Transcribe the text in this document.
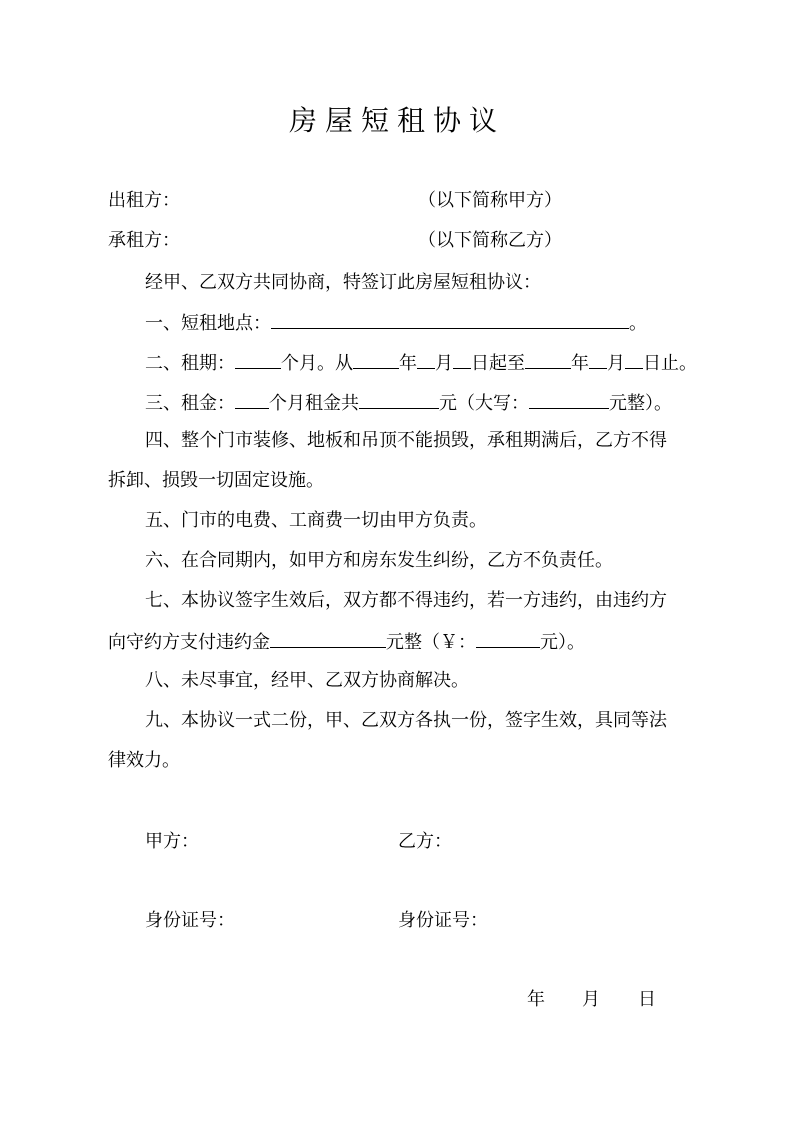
房屋短租协议
出租方：	（以下简称甲方）
承租方：	（以下简称乙方）
经甲、乙双方共同协商，特签订此房屋短租协议：
一、短租地点：	。
二、租期：	个月。从	年 月 日起至	年 月 日止。
三、租金： 个月租金共	元（大写：	元整）。
四、整个门市装修、地板和吊顶不能损毁，承租期满后，乙方不得
拆卸、损毁一切固定设施。
五、门市的电费、工商费一切由甲方负责。
六、在合同期内，如甲方和房东发生纠纷，乙方不负责任。
七、本协议签字生效后，双方都不得违约，若一方违约，由违约方
向守约方支付违约金	元整（￥：	元）。
八、未尽事宜，经甲、乙双方协商解决。
九、本协议一式二份，甲、乙双方各执一份，签字生效，具同等法
律效力。
甲方：	乙方：
身份证号：	身份证号：
年 月 日
